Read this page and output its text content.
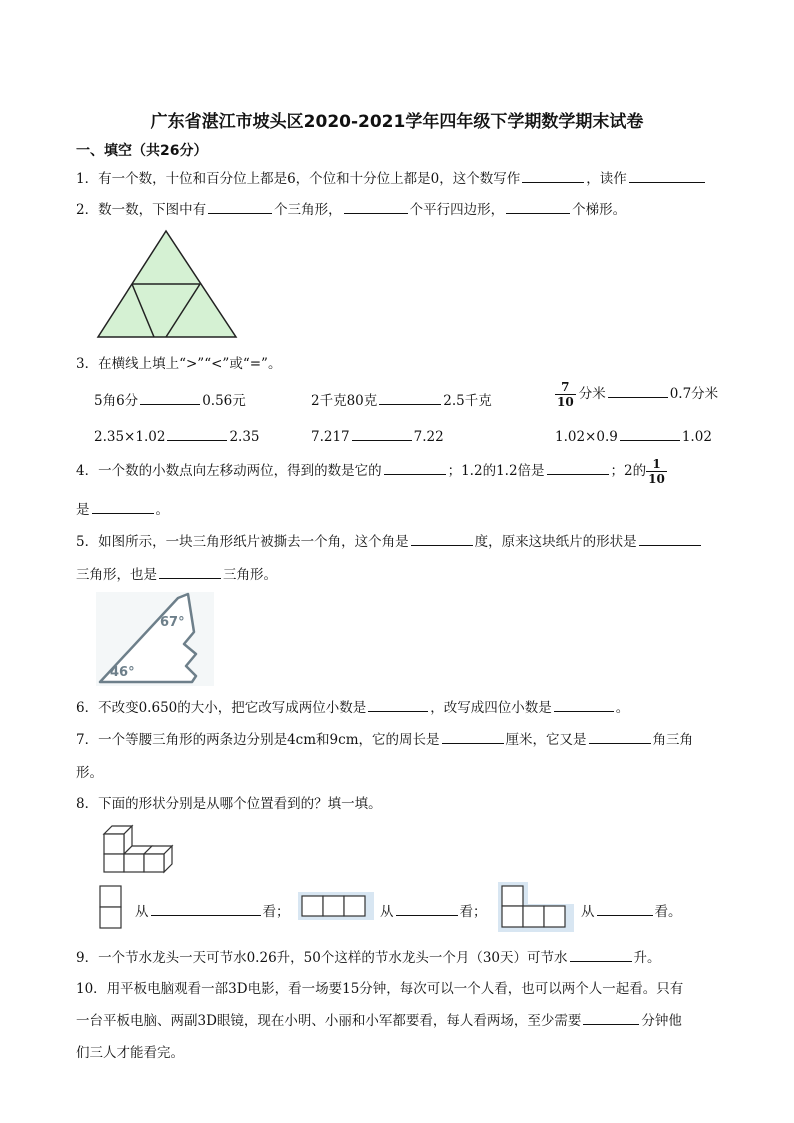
广东省湛江市坡头区2020-2021学年四年级下学期数学期末试卷
一、填空（共26分）
1．有一个数，十位和百分位上都是6，个位和十分位上都是0，这个数写作	，读作
2．数一数，下图中有	个三角形，	个平行四边形，	个梯形。
3．在横线上填上“>”“<”或“=”。
5角6分	0.56元	2千克80克	2.5千克	$\frac{7}{10}$ 分米	0.7分米
2.35×1.02	2.35	7.217	7.22	1.02×0.9	1.02
4．一个数的小数点向左移动两位，得到的数是它的	；1.2的1.2倍是	；2的 $\frac{1}{10}$
是	。
5．如图所示，一块三角形纸片被撕去一个角，这个角是	度，原来这块纸片的形状是
三角形，也是	三角形。
67°
46°
6．不改变0.650的大小，把它改写成两位小数是	，改写成四位小数是	。
7．一个等腰三角形的两条边分别是4cm和9cm，它的周长是	厘米，它又是	角三角
形。
8．下面的形状分别是从哪个位置看到的？填一填。
从	看；	从	看；	从	看。
9．一个节水龙头一天可节水0.26升，50个这样的节水龙头一个月（30天）可节水	升。
10．用平板电脑观看一部3D电影，看一场要15分钟，每次可以一个人看，也可以两个人一起看。只有
一台平板电脑、两副3D眼镜，现在小明、小丽和小军都要看，每人看两场，至少需要	分钟他
们三人才能看完。
